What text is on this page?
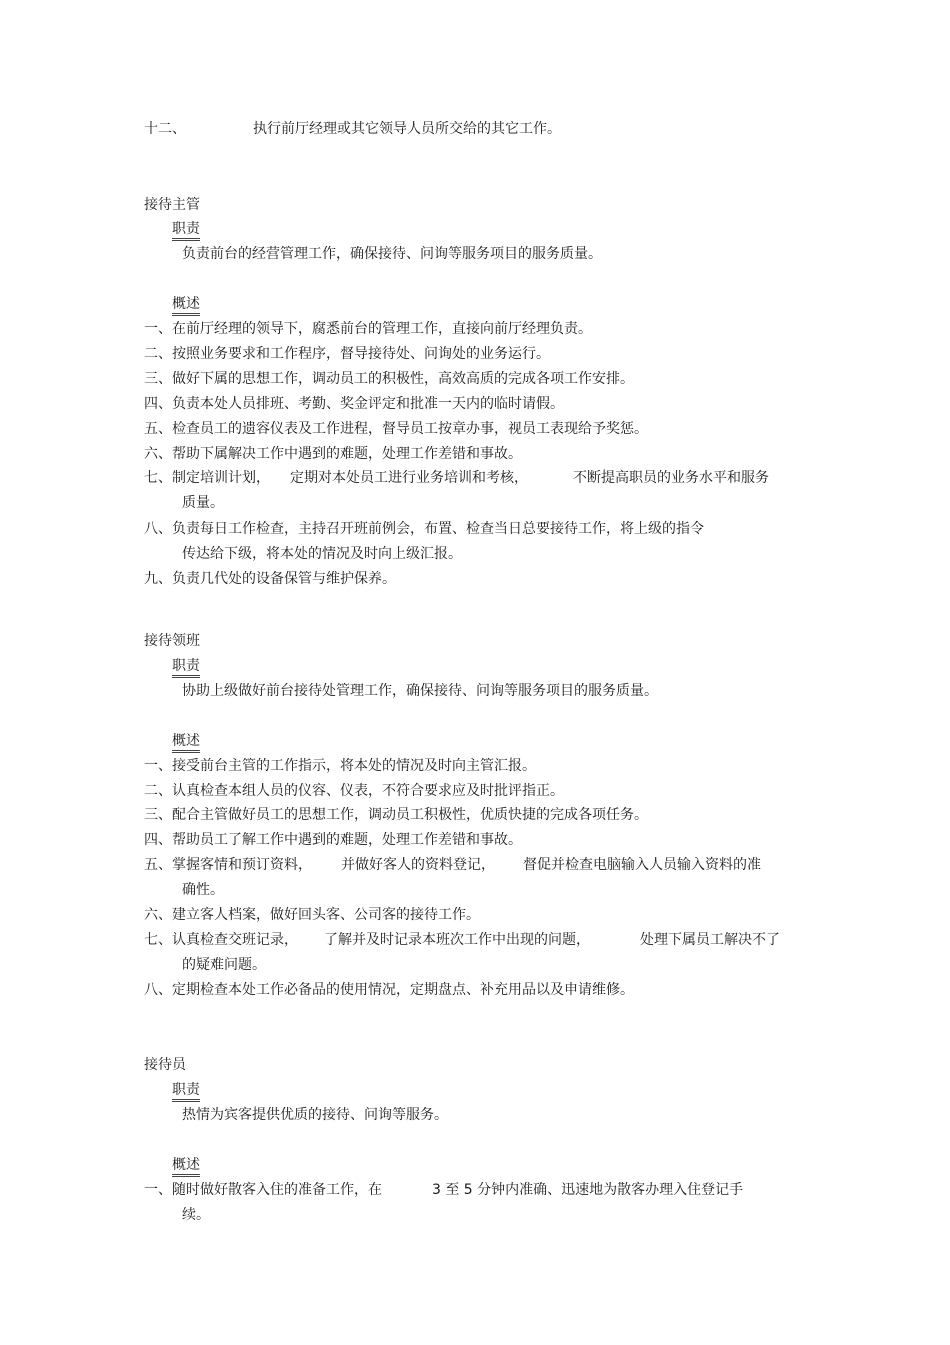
十二、	执行前厅经理或其它领导人员所交给的其它工作。
接待主管
职责
负责前台的经营管理工作，确保接待、问询等服务项目的服务质量。
概述
一、在前厅经理的领导下，腐悉前台的管理工作，直接向前厅经理负责。
二、按照业务要求和工作程序，督导接待处、问询处的业务运行。
三、做好下属的思想工作，调动员工的积极性，高效高质的完成各项工作安排。
四、负责本处人员排班、考勤、奖金评定和批准一天内的临时请假。
五、检查员工的遗容仪表及工作进程，督导员工按章办事，视员工表现给予奖惩。
六、帮助下属解决工作中遇到的难题，处理工作差错和事故。
七、制定培训计划， 定期对本处员工进行业务培训和考核，	不断提高职员的业务水平和服务
质量。
八、负责每日工作检查，主持召开班前例会，布置、检查当日总要接待工作，将上级的指令
传达给下级，将本处的情况及时向上级汇报。
九、负责几代处的设备保管与维护保养。
接待领班
职责
协助上级做好前台接待处管理工作，确保接待、问询等服务项目的服务质量。
概述
一、接受前台主管的工作指示，将本处的情况及时向主管汇报。
二、认真检查本组人员的仪容、仪表，不符合要求应及时批评指正。
三、配合主管做好员工的思想工作，调动员工积极性，优质快捷的完成各项任务。
四、帮助员工了解工作中遇到的难题，处理工作差错和事故。
五、掌握客情和预订资料， 并做好客人的资料登记， 督促并检查电脑输入人员输入资料的准
确性。
六、建立客人档案，做好回头客、公司客的接待工作。
七、认真检查交班记录， 了解并及时记录本班次工作中出现的问题，	处理下属员工解决不了
的疑难问题。
八、定期检查本处工作必备品的使用情况，定期盘点、补充用品以及申请维修。
接待员
职责
热情为宾客提供优质的接待、问询等服务。
概述
一、随时做好散客入住的准备工作，在	3 至 5 分钟内准确、迅速地为散客办理入住登记手
续。
